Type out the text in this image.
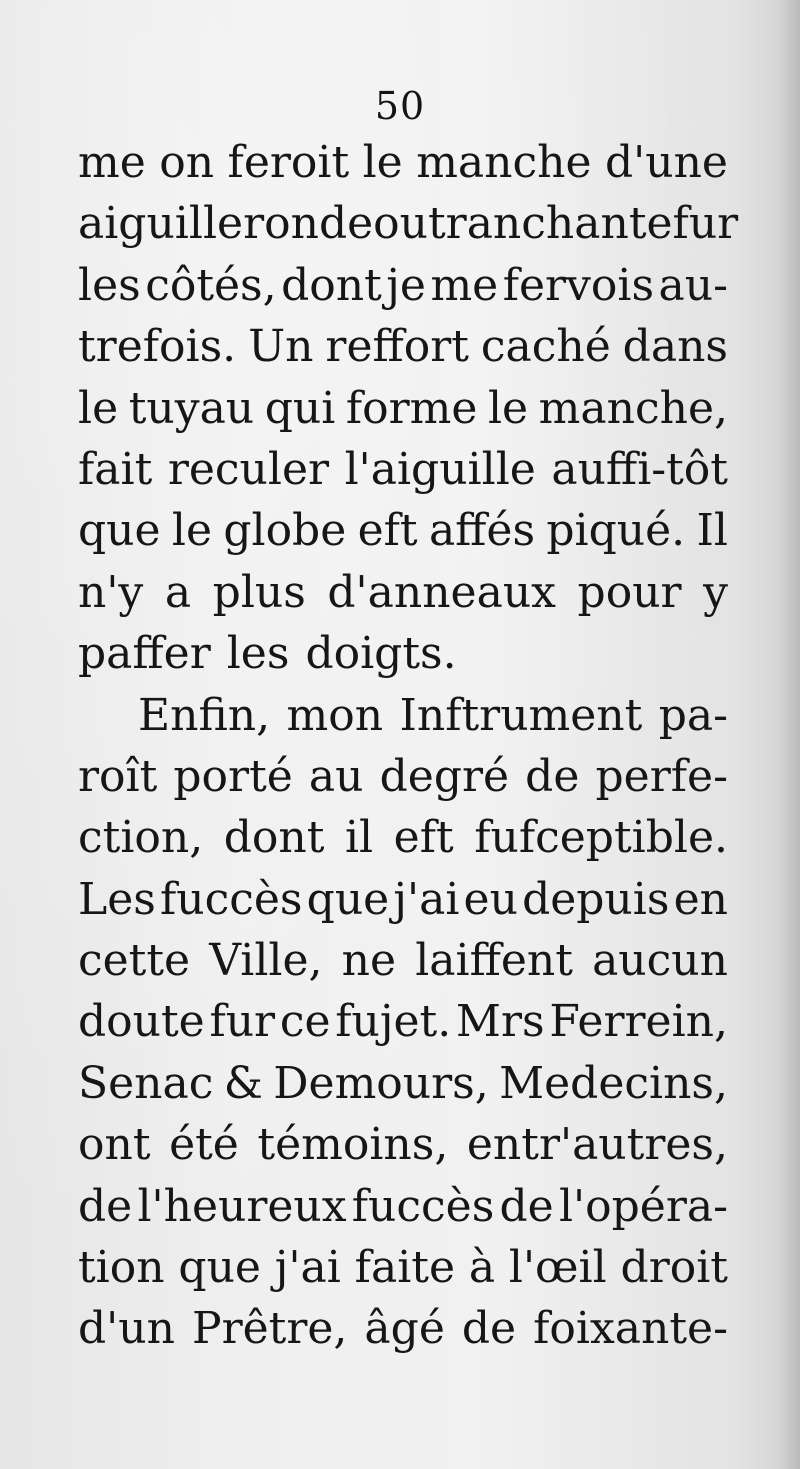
50
me on feroit le manche d'une
aiguille ronde ou tranchante fur
les côtés, dont je me fervois au-
trefois. Un reffort caché dans
le tuyau qui forme le manche,
fait reculer l'aiguille auffi-tôt
que le globe eft affés piqué. Il
n'y a plus d'anneaux pour y
paffer les doigts.
Enfin, mon Inftrument pa-
roît porté au degré de perfe-
ction, dont il eft fufceptible.
Les fuccès que j'ai eu depuis en
cette Ville, ne laiffent aucun
doute fur ce fujet. Mrs Ferrein,
Senac & Demours, Medecins,
ont été témoins, entr'autres,
de l'heureux fuccès de l'opéra-
tion que j'ai faite à l'œil droit
d'un Prêtre, âgé de foixante-
